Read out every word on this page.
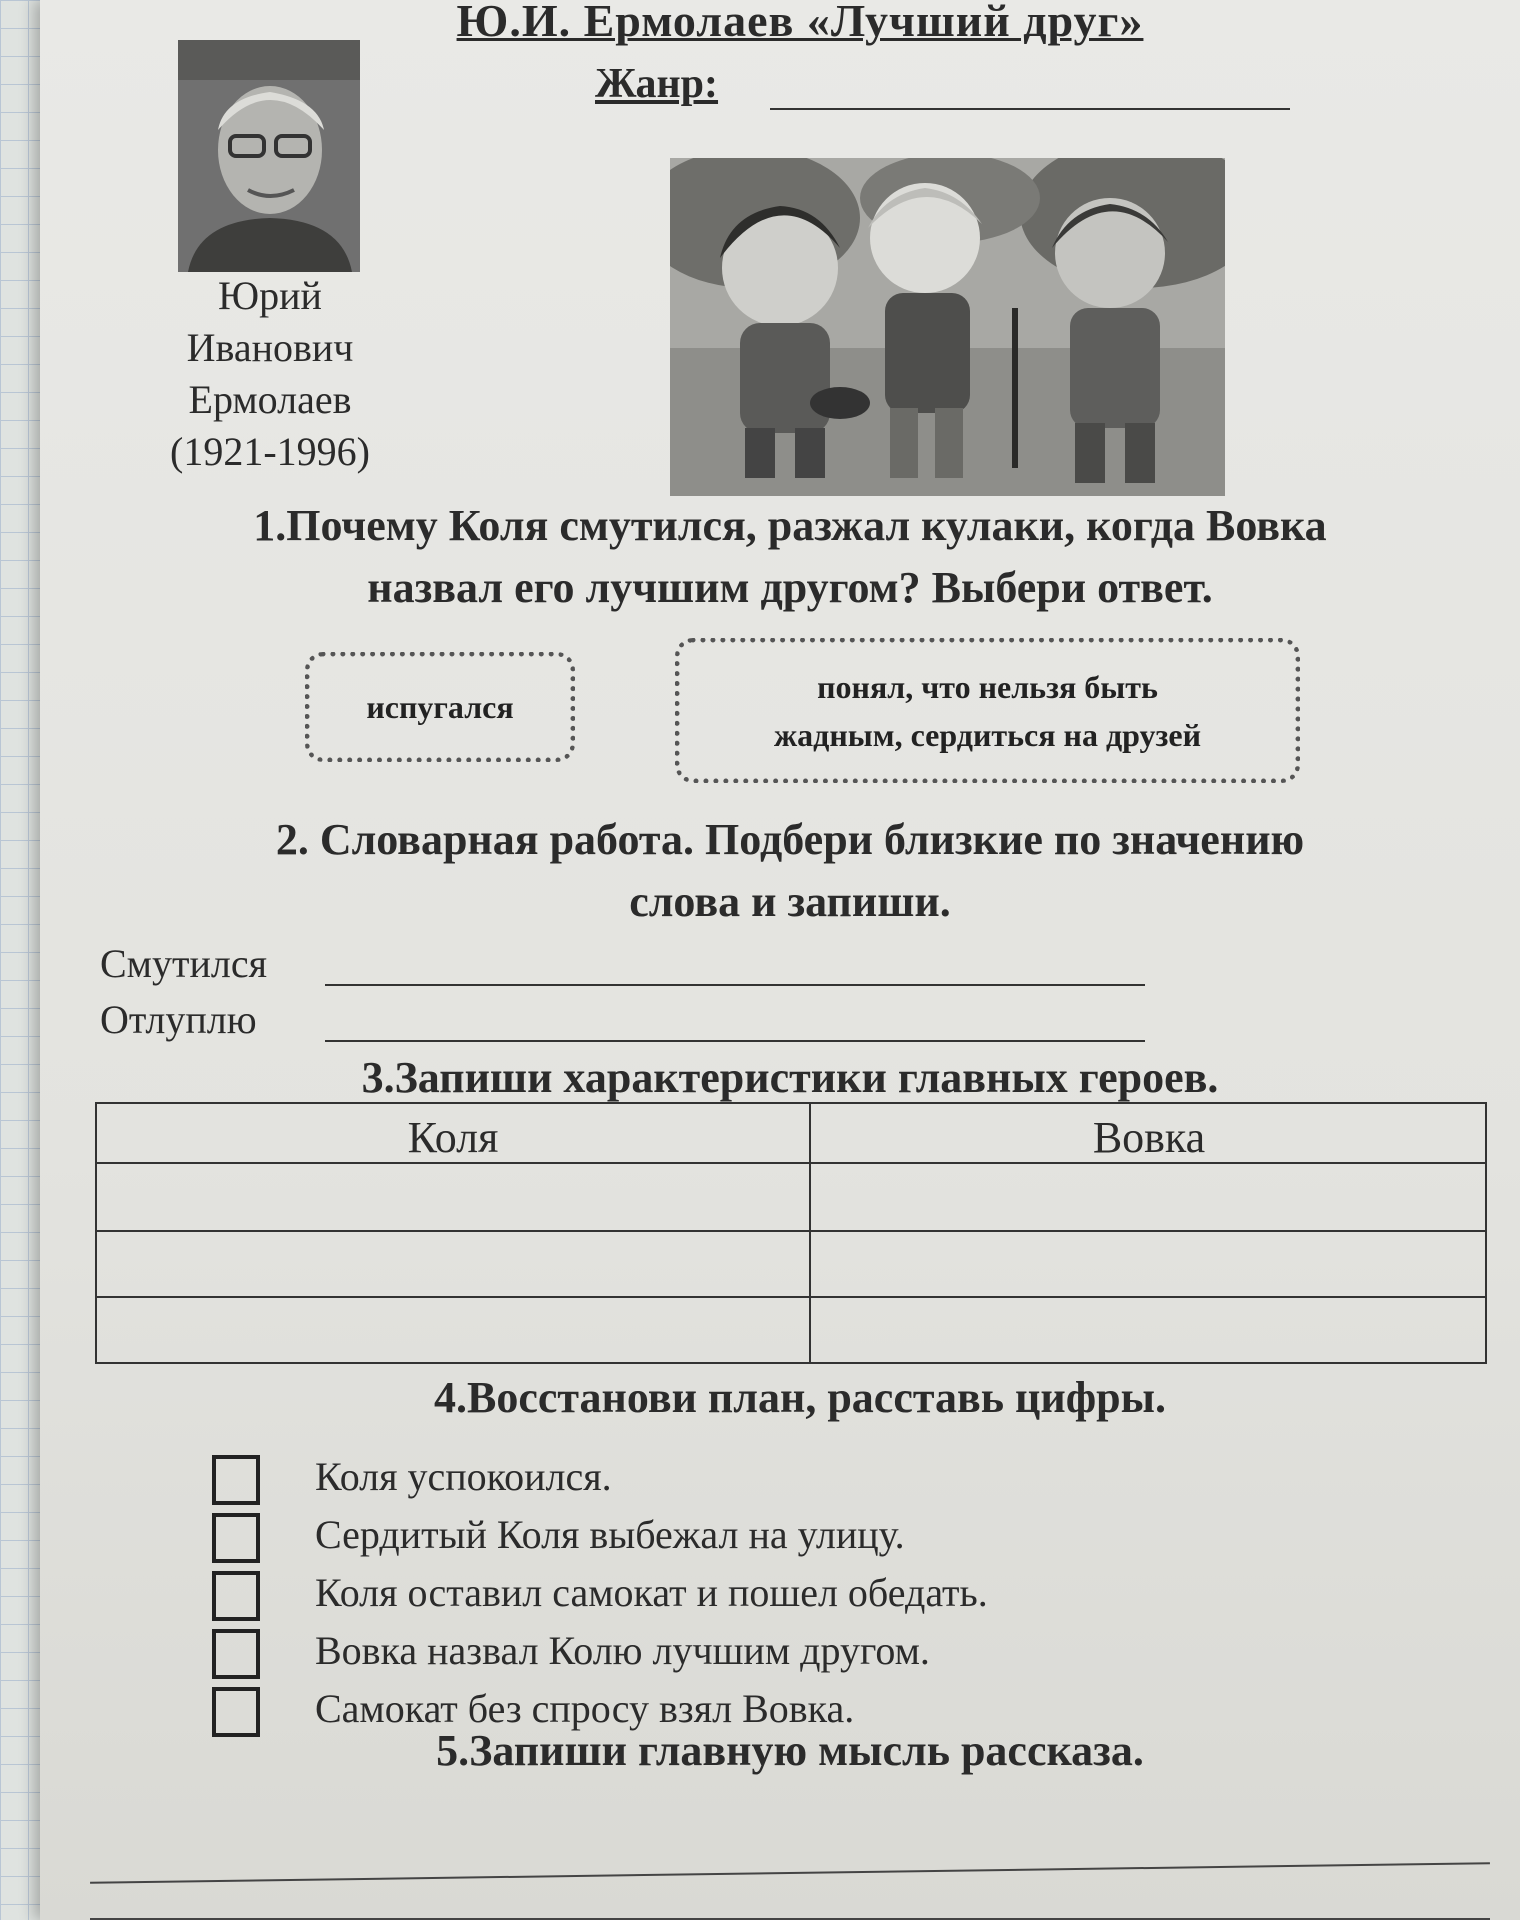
Ю.И. Ермолаев «Лучший друг»
Жанр:
Юрий
Иванович
Ермолаев
(1921-1996)
1.Почему Коля смутился, разжал кулаки, когда Вовка
назвал его лучшим другом? Выбери ответ.
испугался
понял, что нельзя быть
жадным, сердиться на друзей
2. Словарная работа. Подбери близкие по значению
слова и запиши.
Смутился
Отлуплю
3.Запиши характеристики главных героев.
Коля	Вовка
4.Восстанови план, расставь цифры.
Коля успокоился.
Сердитый Коля выбежал на улицу.
Коля оставил самокат и пошел обедать.
Вовка назвал Колю лучшим другом.
Самокат без спросу взял Вовка.
5.Запиши главную мысль рассказа.
